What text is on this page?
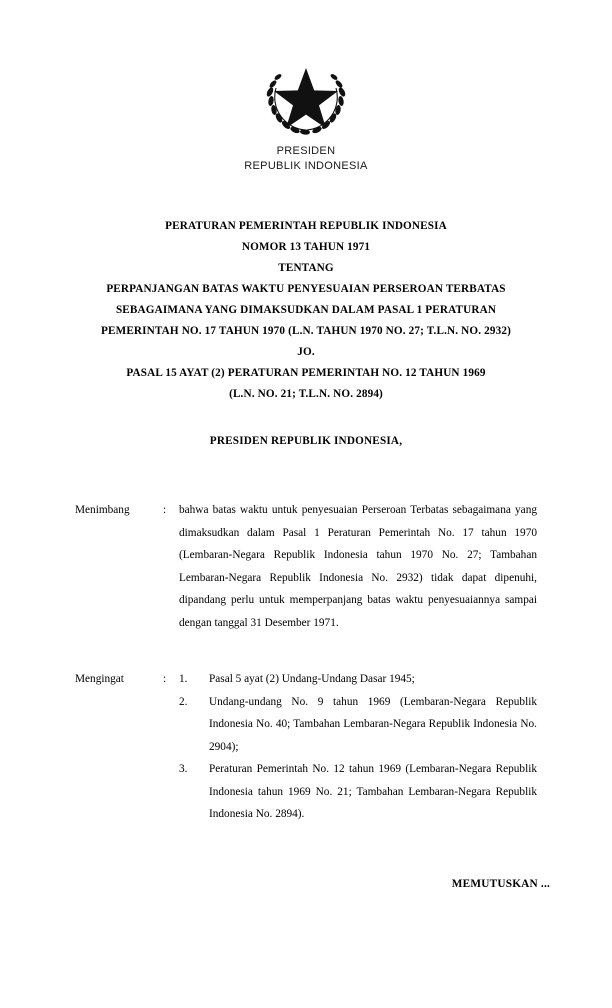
PRESIDEN
REPUBLIK INDONESIA
PERATURAN PEMERINTAH REPUBLIK INDONESIA
NOMOR 13 TAHUN 1971
TENTANG
PERPANJANGAN BATAS WAKTU PENYESUAIAN PERSEROAN TERBATAS
SEBAGAIMANA YANG DIMAKSUDKAN DALAM PASAL 1 PERATURAN
PEMERINTAH NO. 17 TAHUN 1970 (L.N. TAHUN 1970 NO. 27; T.L.N. NO. 2932) JO.
PASAL 15 AYAT (2) PERATURAN PEMERINTAH NO. 12 TAHUN 1969
(L.N. NO. 21; T.L.N. NO. 2894)
PRESIDEN REPUBLIK INDONESIA,
Menimbang	:	bahwa batas waktu untuk penyesuaian Perseroan Terbatas sebagaimana yang dimaksudkan dalam Pasal 1 Peraturan Pemerintah No. 17 tahun 1970 (Lembaran-Negara Republik Indonesia tahun 1970 No. 27; Tambahan Lembaran-Negara Republik Indonesia No. 2932) tidak dapat dipenuhi, dipandang perlu untuk memperpanjang batas waktu penyesuaiannya sampai dengan tanggal 31 Desember 1971.
Mengingat	:	1.	Pasal 5 ayat (2) Undang-Undang Dasar 1945;
2.	Undang-undang No. 9 tahun 1969 (Lembaran-Negara Republik Indonesia No. 40; Tambahan Lembaran-Negara Republik Indonesia No. 2904);
3.	Peraturan Pemerintah No. 12 tahun 1969 (Lembaran-Negara Republik Indonesia tahun 1969 No. 21; Tambahan Lembaran-Negara Republik Indonesia No. 2894).
MEMUTUSKAN ...
